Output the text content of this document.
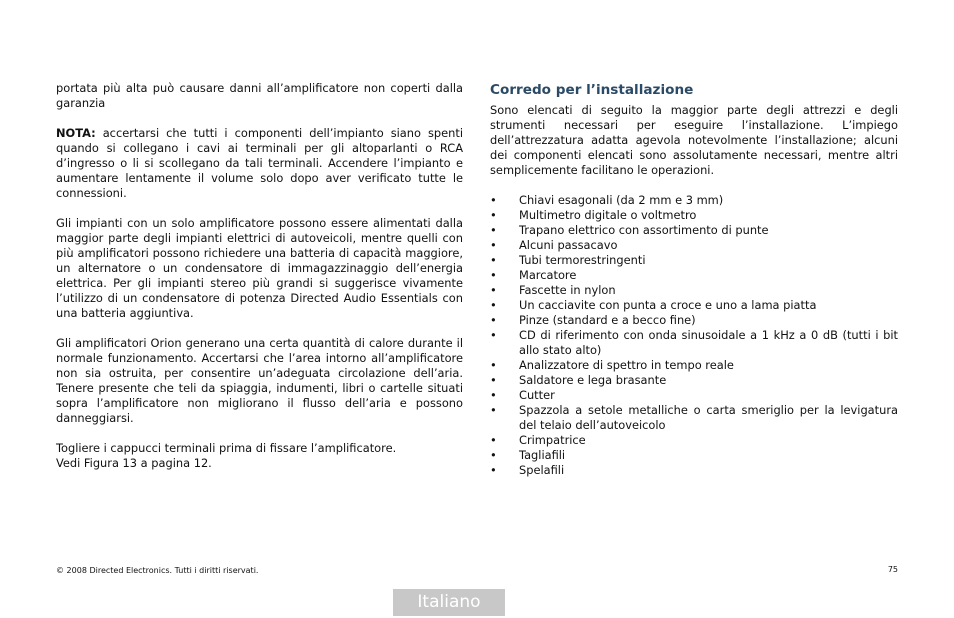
portata più alta può causare danni all’amplificatore non coperti dalla garanzia

NOTA: accertarsi che tutti i componenti dell’impianto siano spenti quando si collegano i cavi ai terminali per gli altoparlanti o RCA d’ingresso o li si scollegano da tali terminali. Accendere l’impianto e aumentare lentamente il volume solo dopo aver verificato tutte le connessioni.

Gli impianti con un solo amplificatore possono essere alimentati dalla maggior parte degli impianti elettrici di autoveicoli, mentre quelli con più amplificatori possono richiedere una batteria di capacità maggiore, un alternatore o un condensatore di immagazzinaggio dell’energia elettrica. Per gli impianti stereo più grandi si suggerisce vivamente l’utilizzo di un condensatore di potenza Directed Audio Essentials con una batteria aggiuntiva.

Gli amplificatori Orion generano una certa quantità di calore durante il normale funzionamento. Accertarsi che l’area intorno all’amplificatore non sia ostruita, per consentire un’adeguata circolazione dell’aria. Tenere presente che teli da spiaggia, indumenti, libri o cartelle situati sopra l’amplificatore non migliorano il flusso dell’aria e possono danneggiarsi.

Togliere i cappucci terminali prima di fissare l’amplificatore.
Vedi Figura 13 a pagina 12.

Corredo per l’installazione

Sono elencati di seguito la maggior parte degli attrezzi e degli strumenti necessari per eseguire l’installazione. L’impiego dell’attrezzatura adatta agevola notevolmente l’installazione; alcuni dei componenti elencati sono assolutamente necessari, mentre altri semplicemente facilitano le operazioni.

• Chiavi esagonali (da 2 mm e 3 mm)
• Multimetro digitale o voltmetro
• Trapano elettrico con assortimento di punte
• Alcuni passacavo
• Tubi termorestringenti
• Marcatore
• Fascette in nylon
• Un cacciavite con punta a croce e uno a lama piatta
• Pinze (standard e a becco fine)
• CD di riferimento con onda sinusoidale a 1 kHz a 0 dB (tutti i bit allo stato alto)
• Analizzatore di spettro in tempo reale
• Saldatore e lega brasante
• Cutter
• Spazzola a setole metalliche o carta smeriglio per la levigatura del telaio dell’autoveicolo
• Crimpatrice
• Tagliafili
• Spelafili
© 2008 Directed Electronics. Tutti i diritti riservati.	75
Italiano
